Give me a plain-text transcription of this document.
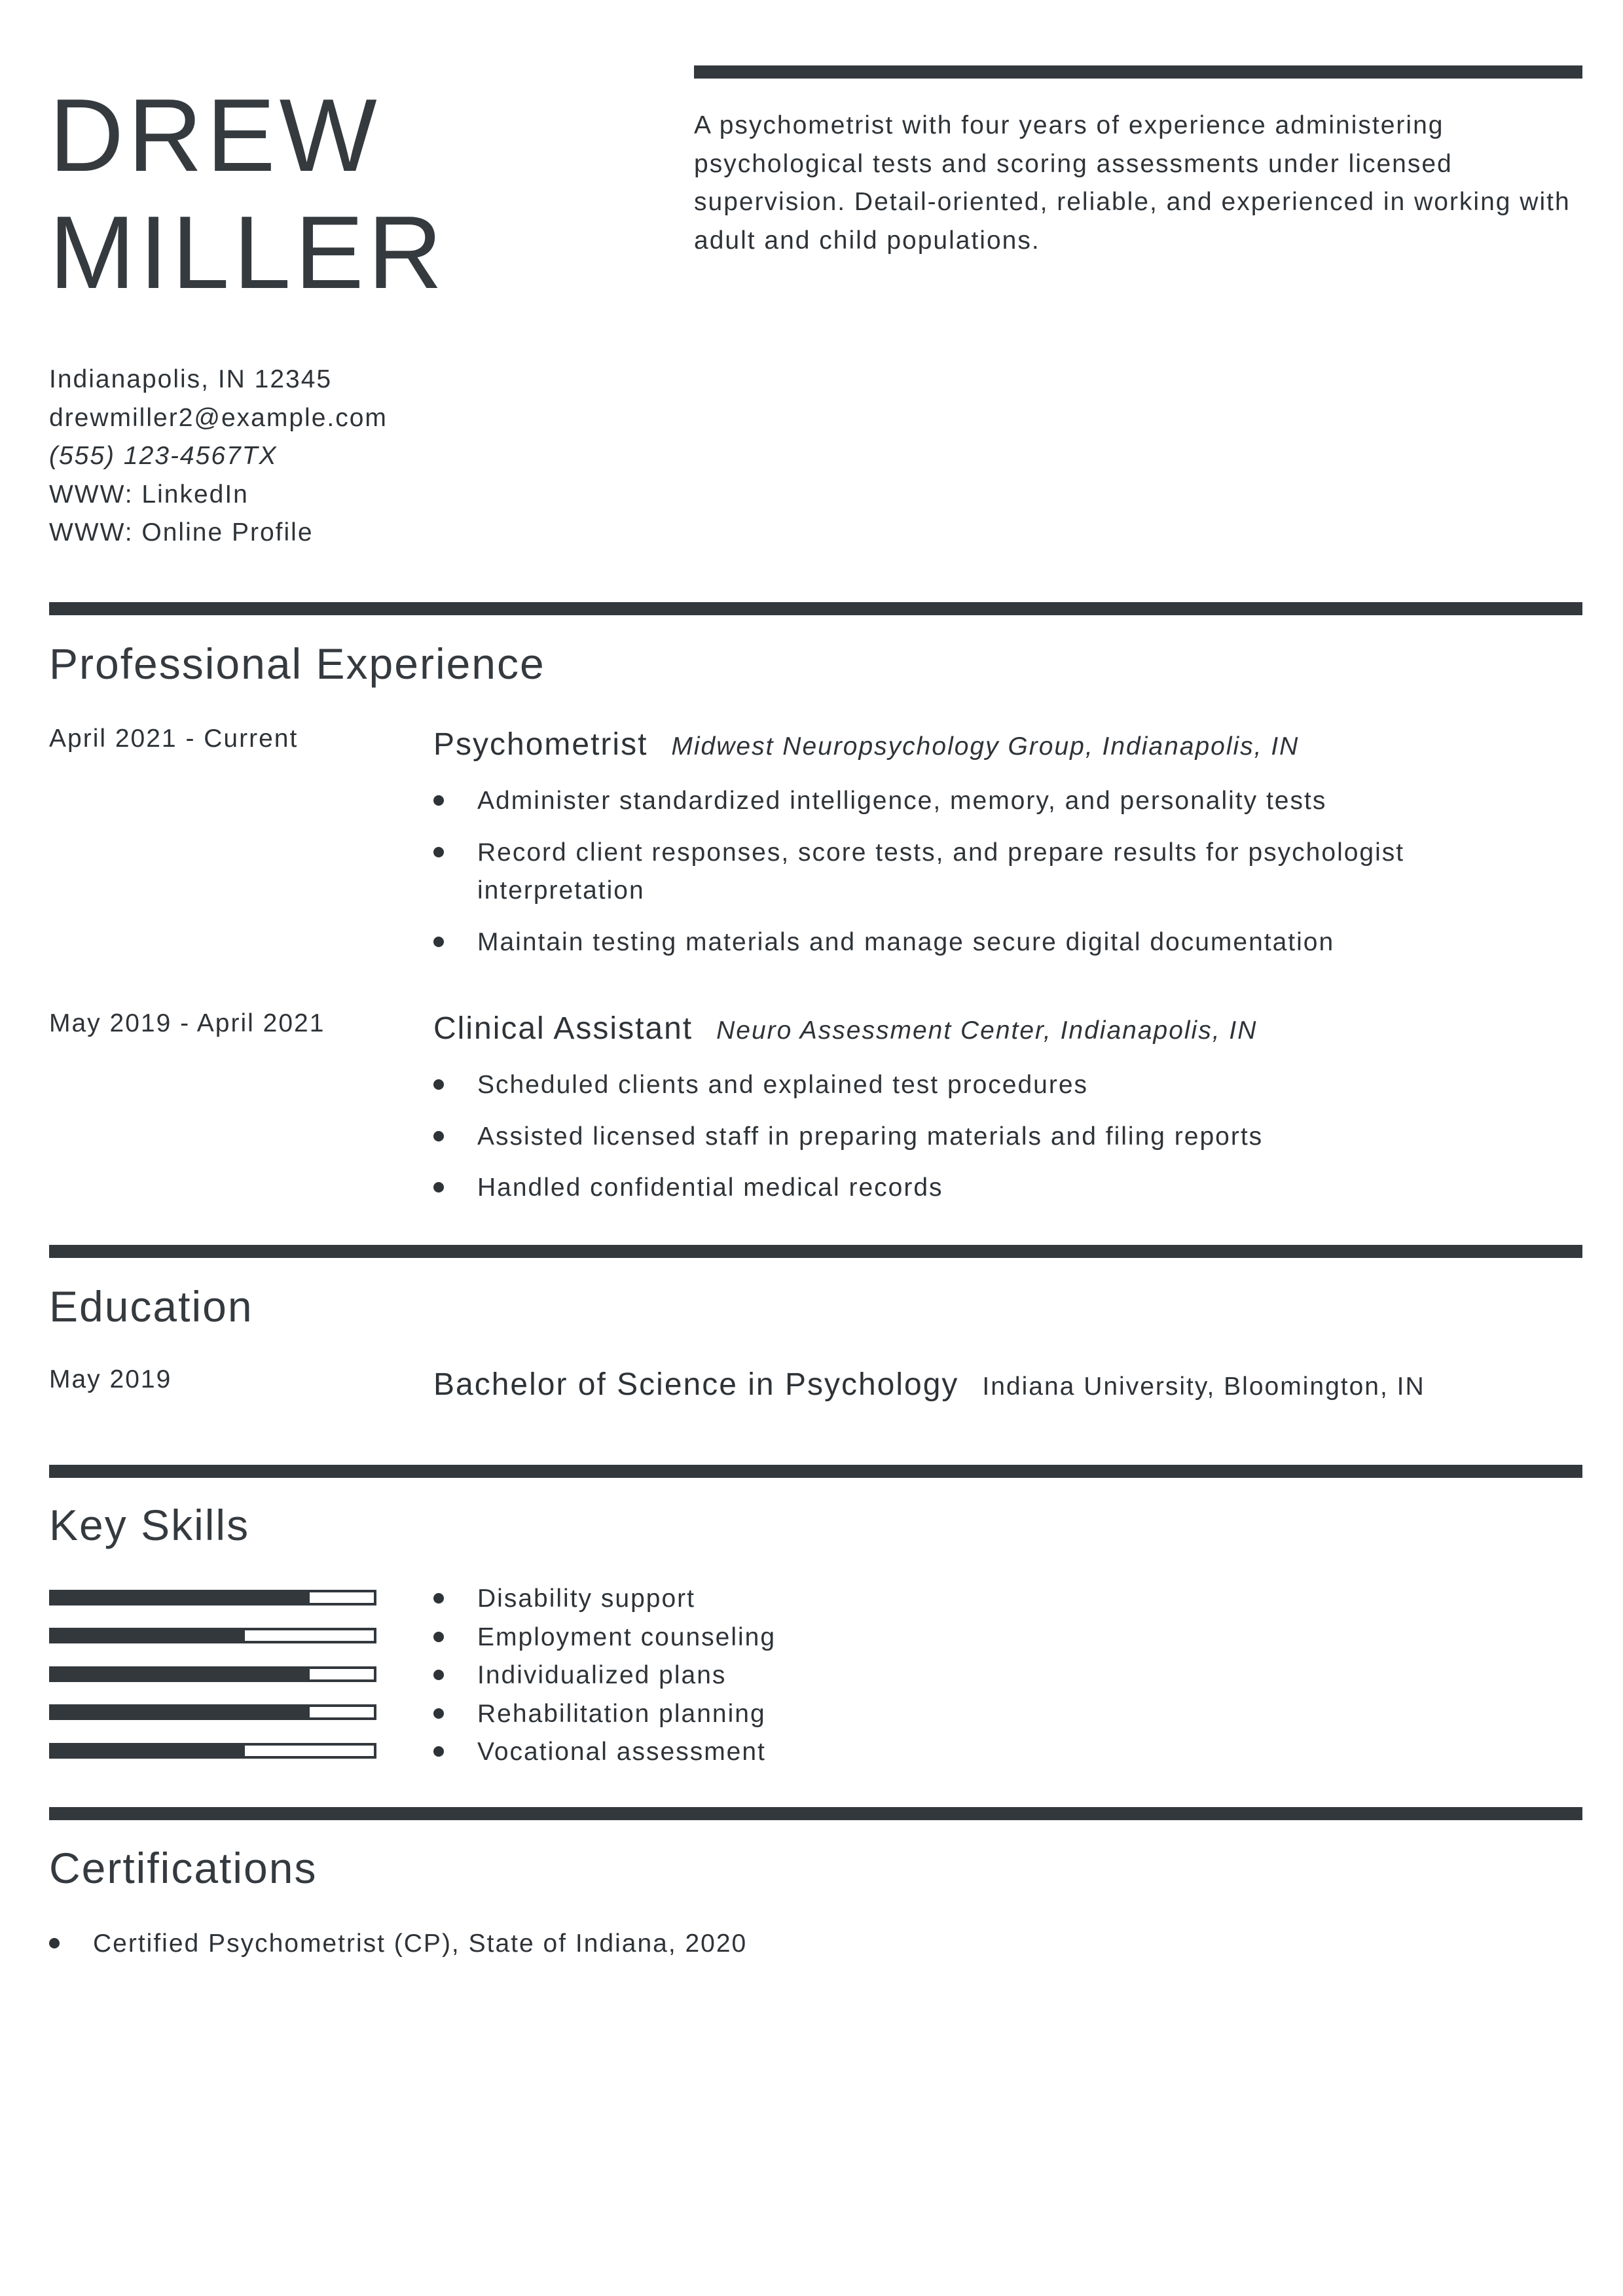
DREW
MILLER
A psychometrist with four years of experience administering psychological tests and scoring assessments under licensed supervision. Detail-oriented, reliable, and experienced in working with adult and child populations.
Indianapolis, IN 12345
drewmiller2@example.com
(555) 123-4567TX
WWW: LinkedIn
WWW: Online Profile
Professional Experience
April 2021 - Current	Psychometrist Midwest Neuropsychology Group, Indianapolis, IN
Administer standardized intelligence, memory, and personality tests
Record client responses, score tests, and prepare results for psychologist interpretation
Maintain testing materials and manage secure digital documentation
May 2019 - April 2021	Clinical Assistant Neuro Assessment Center, Indianapolis, IN
Scheduled clients and explained test procedures
Assisted licensed staff in preparing materials and filing reports
Handled confidential medical records
Education
May 2019	Bachelor of Science in Psychology Indiana University, Bloomington, IN
Key Skills
Disability support
Employment counseling
Individualized plans
Rehabilitation planning
Vocational assessment
Certifications
Certified Psychometrist (CP), State of Indiana, 2020
